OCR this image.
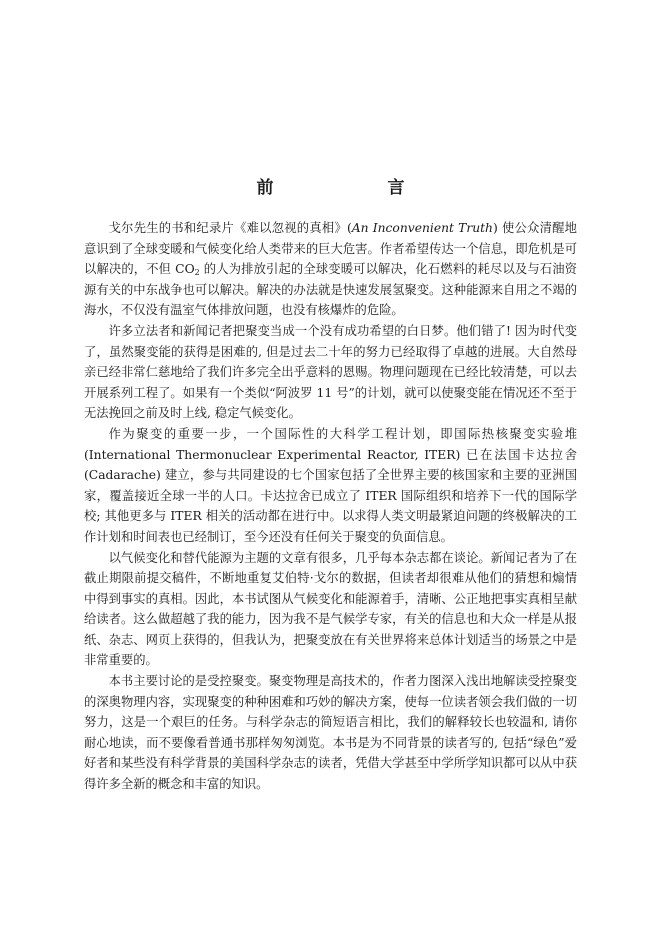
前 言

戈尔先生的书和纪录片《难以忽视的真相》(An Inconvenient Truth) 使公众清醒地意识到了全球变暖和气候变化给人类带来的巨大危害。作者希望传达一个信息，即危机是可以解决的，不但 $CO_2$ 的人为排放引起的全球变暖可以解决，化石燃料的耗尽以及与石油资源有关的中东战争也可以解决。解决的办法就是快速发展氢聚变。这种能源来自用之不竭的海水，不仅没有温室气体排放问题，也没有核爆炸的危险。

许多立法者和新闻记者把聚变当成一个没有成功希望的白日梦。他们错了! 因为时代变了，虽然聚变能的获得是困难的, 但是过去二十年的努力已经取得了卓越的进展。大自然母亲已经非常仁慈地给了我们许多完全出乎意料的恩赐。物理问题现在已经比较清楚，可以去开展系列工程了。如果有一个类似“阿波罗 11 号”的计划，就可以使聚变能在情况还不至于无法挽回之前及时上线, 稳定气候变化。

作为聚变的重要一步，一个国际性的大科学工程计划，即国际热核聚变实验堆 (International Thermonuclear Experimental Reactor, ITER) 已在法国卡达拉舍 (Cadarache) 建立，参与共同建设的七个国家包括了全世界主要的核国家和主要的亚洲国家，覆盖接近全球一半的人口。卡达拉舍已成立了 ITER 国际组织和培养下一代的国际学校; 其他更多与 ITER 相关的活动都在进行中。以求得人类文明最紧迫问题的终极解决的工作计划和时间表也已经制订，至今还没有任何关于聚变的负面信息。

以气候变化和替代能源为主题的文章有很多，几乎每本杂志都在谈论。新闻记者为了在截止期限前提交稿件，不断地重复艾伯特·戈尔的数据，但读者却很难从他们的猜想和煽情中得到事实的真相。因此，本书试图从气候变化和能源着手，清晰、公正地把事实真相呈献给读者。这么做超越了我的能力，因为我不是气候学专家，有关的信息也和大众一样是从报纸、杂志、网页上获得的，但我认为，把聚变放在有关世界将来总体计划适当的场景之中是非常重要的。

本书主要讨论的是受控聚变。聚变物理是高技术的，作者力图深入浅出地解读受控聚变的深奥物理内容，实现聚变的种种困难和巧妙的解决方案，使每一位读者领会我们做的一切努力，这是一个艰巨的任务。与科学杂志的简短语言相比，我们的解释较长也较温和, 请你耐心地读，而不要像看普通书那样匆匆浏览。本书是为不同背景的读者写的, 包括“绿色”爱好者和某些没有科学背景的美国科学杂志的读者，凭借大学甚至中学所学知识都可以从中获得许多全新的概念和丰富的知识。
